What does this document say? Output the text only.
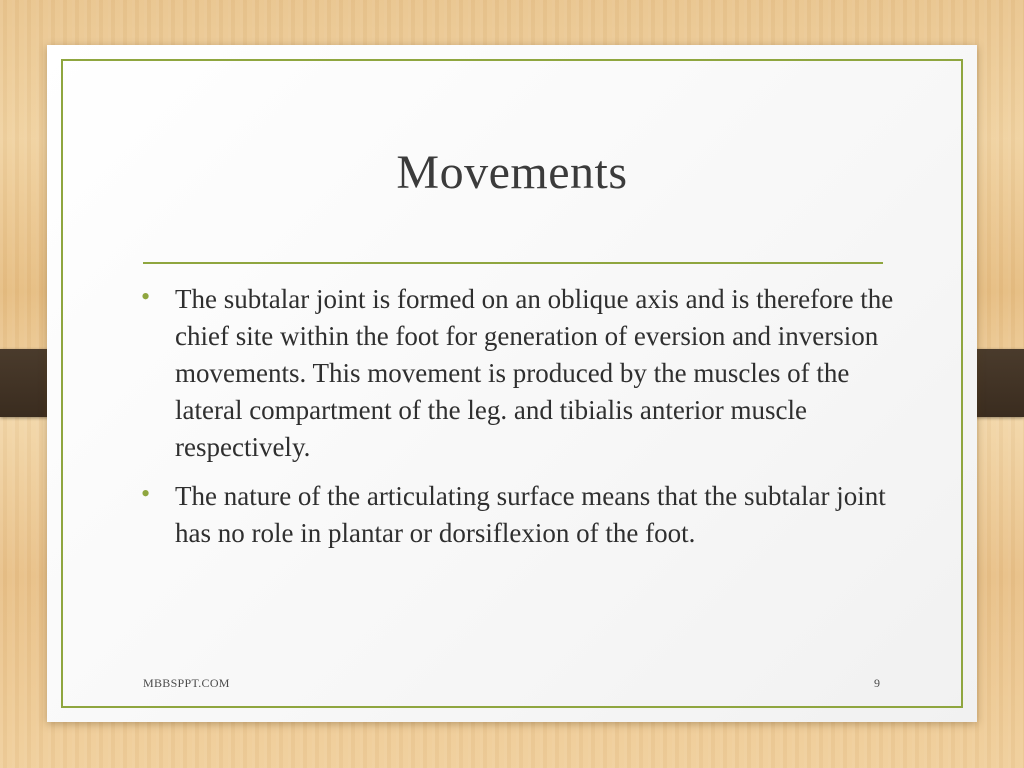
Movements
• The subtalar joint is formed on an oblique axis and is therefore the chief site within the foot for generation of eversion and inversion movements. This movement is produced by the muscles of the lateral compartment of the leg. and tibialis anterior muscle respectively.
• The nature of the articulating surface means that the subtalar joint has no role in plantar or dorsiflexion of the foot.
MBBSPPT.COM	9
